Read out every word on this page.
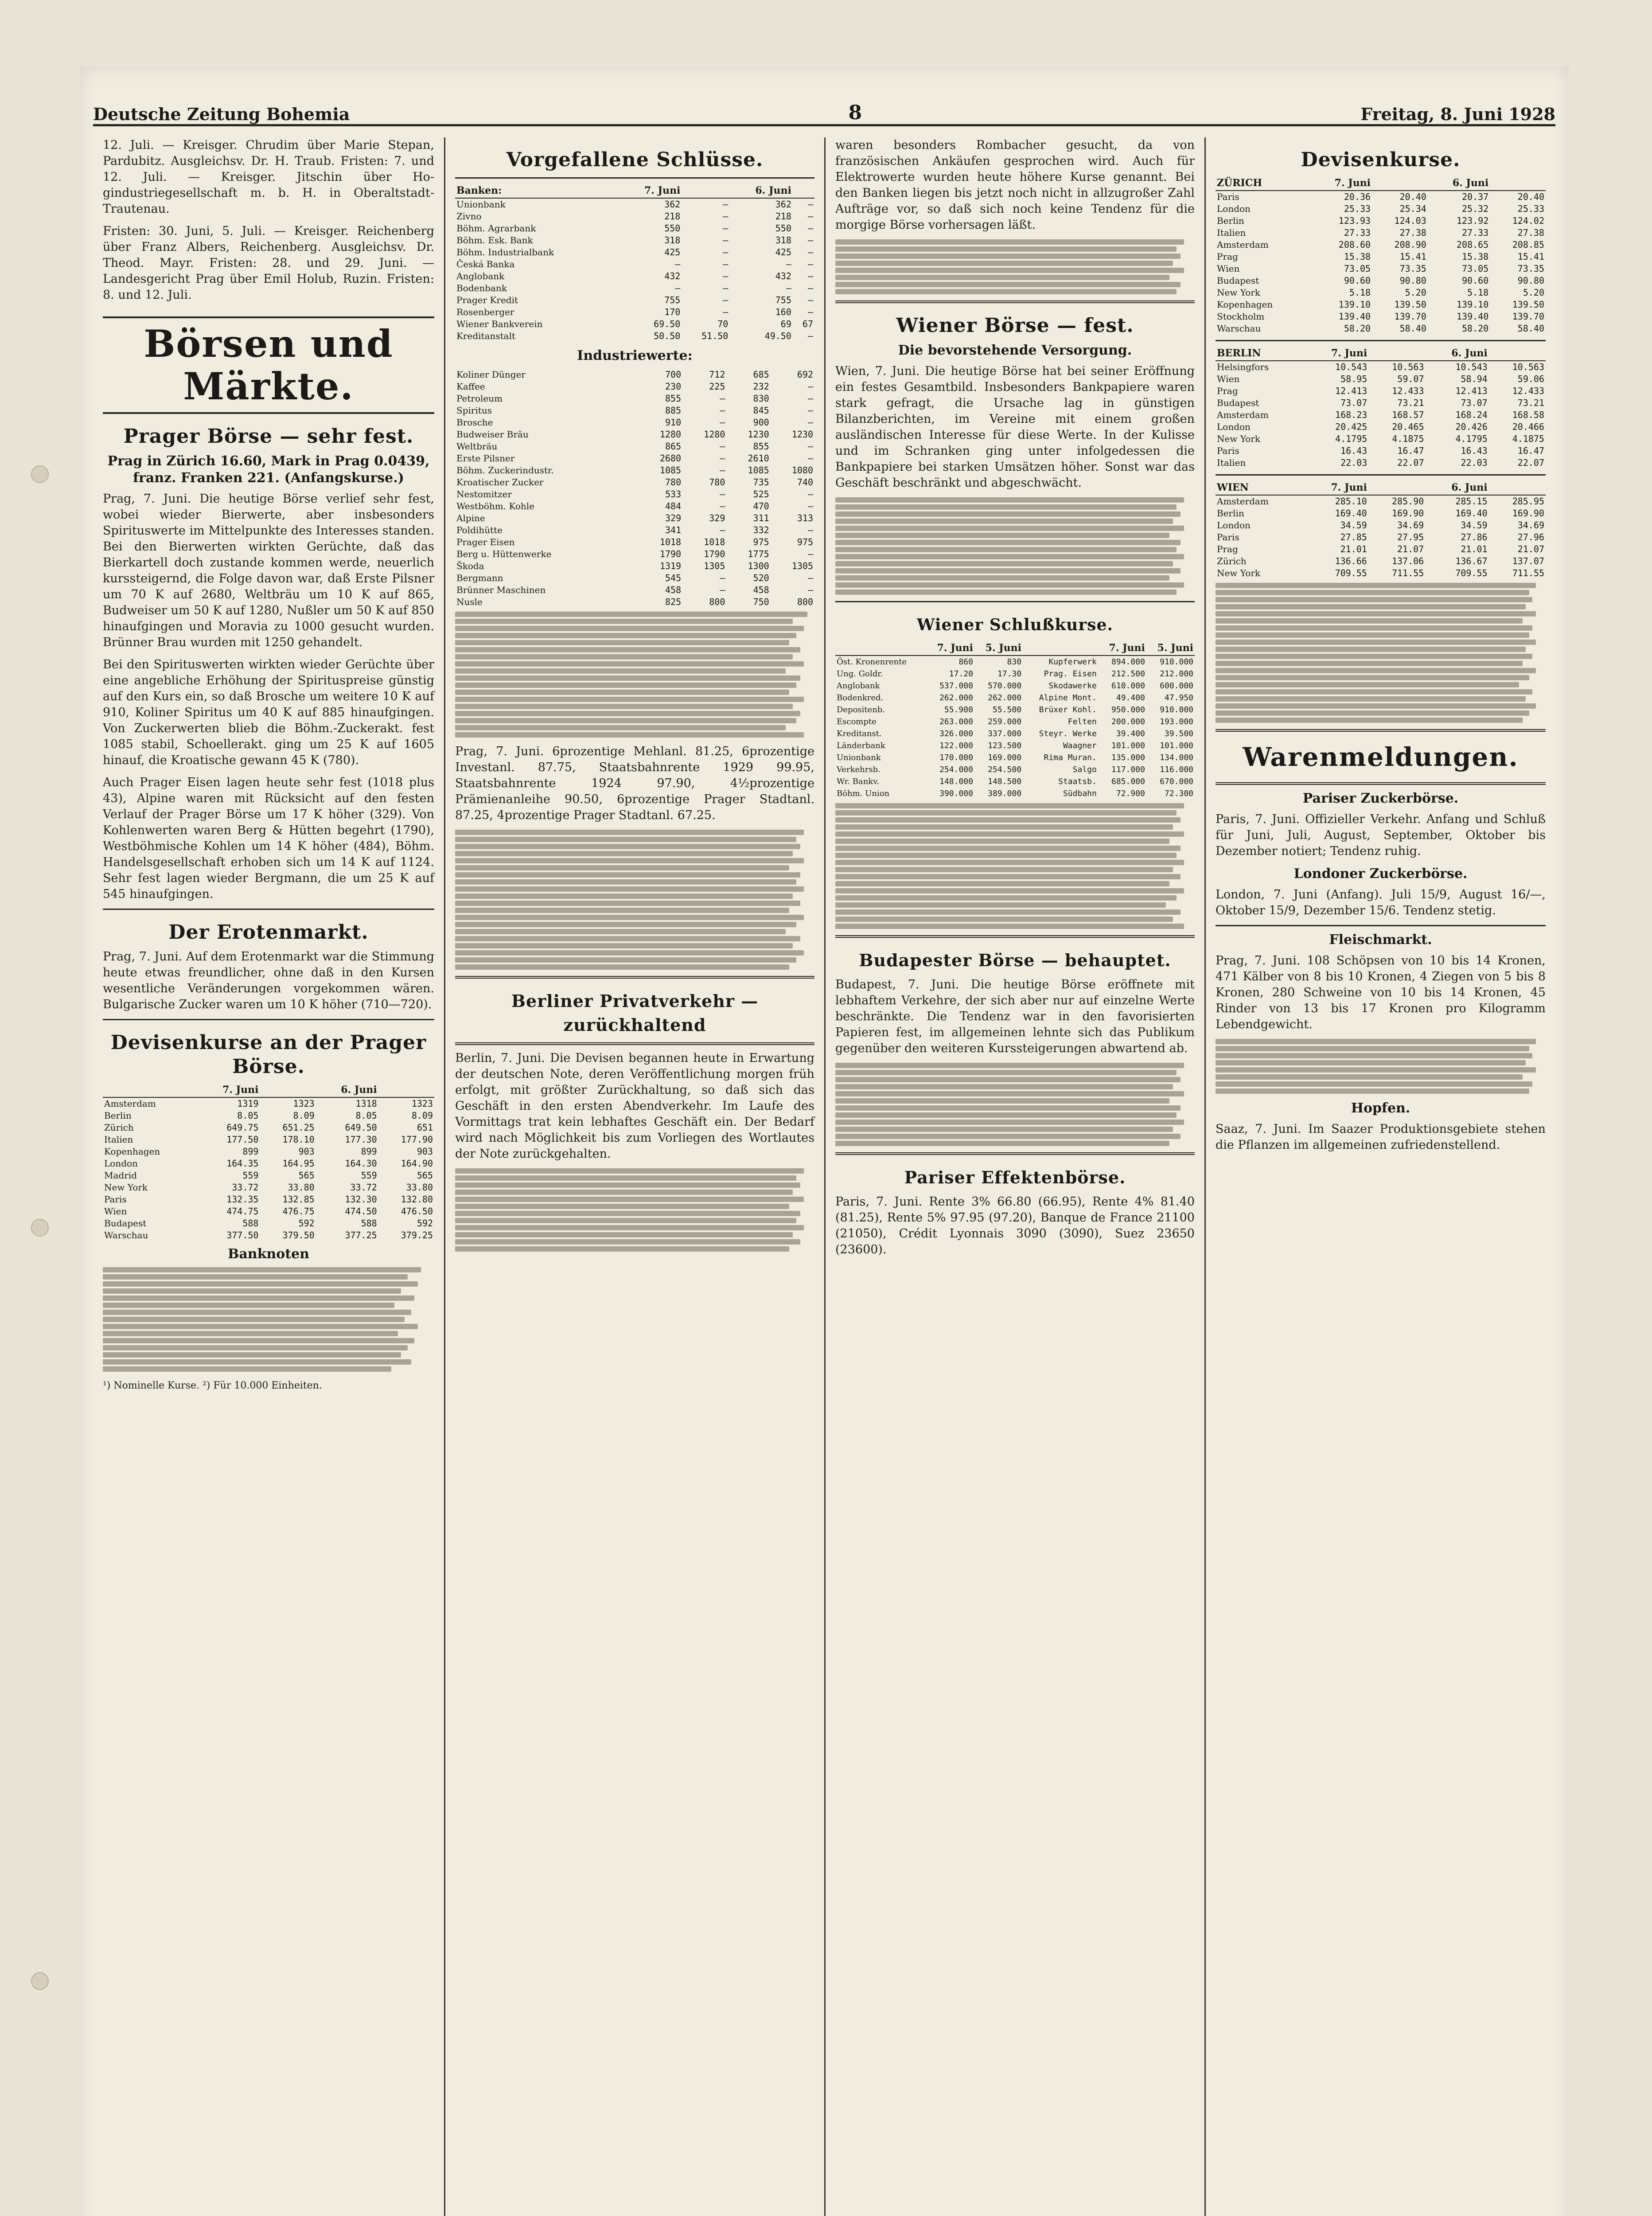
Deutsche Zeitung Bohemia	8	Freitag, 8. Juni 1928

12. Juli. — Kreisger. Chrudim über Marie Stepan, Pardubitz. Ausgleichsv. Dr. H. Traub. Fristen: 7. und 12. Juli. — Kreisger. Jitschin über Ho-gindustriegesellschaft m. b. H. in Oberaltstadt-Trautenau.

Fristen: 30. Juni, 5. Juli. — Kreisger. Reichenberg über Franz Albers, Reichenberg. Ausgleichsv. Dr. Theod. Mayr. Fristen: 28. und 29. Juni. — Landesgericht Prag über Emil Holub, Ruzin. Fristen: 8. und 12. Juli.

Börsen und Märkte.
Prager Börse — sehr fest.
Prag in Zürich 16.60, Mark in Prag 0.0439, franz. Franken 221. (Anfangskurse.)

Prag, 7. Juni. Die heutige Börse verlief sehr fest, wobei wieder Bierwerte, aber insbesonders Spirituswerte im Mittelpunkte des Interesses standen. Bei den Bierwerten wirkten Gerüchte, daß das Bierkartell doch zustande kommen werde, neuerlich kurssteigernd, die Folge davon war, daß Erste Pilsner um 70 K auf 2680, Weltbräu um 10 K auf 865, Budweiser um 50 K auf 1280, Nußler um 50 K auf 850 hinaufgingen und Moravia zu 1000 gesucht wurden. Brünner Brau wurden mit 1250 gehandelt.

Bei den Spirituswerten wirkten wieder Gerüchte über eine angebliche Erhöhung der Spirituspreise günstig auf den Kurs ein, so daß Brosche um weitere 10 K auf 910, Koliner Spiritus um 40 K auf 885 hinaufgingen. Von Zuckerwerten blieb die Böhm.-Zuckerakt. fest 1085 stabil, Schoellerakt. ging um 25 K auf 1605 hinauf, die Kroatische gewann 45 K (780).

Auch Prager Eisen lagen heute sehr fest (1018 plus 43), Alpine waren mit Rücksicht auf den festen Verlauf der Prager Börse um 17 K höher (329). Von Kohlenwerten waren Berg & Hütten begehrt (1790), Westböhmische Kohlen um 14 K höher (484), Böhm. Handelsgesellschaft erhoben sich um 14 K auf 1124. Sehr fest lagen wieder Bergmann, die um 25 K auf 545 hinaufgingen.

Der Erotenmarkt.

Prag, 7. Juni. Auf dem Erotenmarkt war die Stimmung heute etwas freundlicher, ohne daß in den Kursen wesentliche Veränderungen vorgekommen wären. Bulgarische Zucker waren um 10 K höher (710—720).

Devisenkurse an der Prager Börse.
	7. Juni		6. Juni	
Amsterdam	1319	1323	1318	1323
Berlin	8.05	8.09	8.05	8.09
Zürich	649.75	651.25	649.50	651
Italien	177.50	178.10	177.30	177.90
Kopenhagen	899	903	899	903
London	164.35	164.95	164.30	164.90
Madrid	559	565	559	565
New York	33.72	33.80	33.72	33.80
Paris	132.35	132.85	132.30	132.80
Wien	474.75	476.75	474.50	476.50
Budapest	588	592	588	592
Warschau	377.50	379.50	377.25	379.25
Banknoten

¹) Nominelle Kurse. ²) Für 10.000 Einheiten.

Vorgefallene Schlüsse.
Banken:	7. Juni		6. Juni	
Unionbank	362	—	362	—
Zivno	218	—	218	—
Böhm. Agrarbank	550	—	550	—
Böhm. Esk. Bank	318	—	318	—
Böhm. Industrialbank	425	—	425	—
Česká Banka	—	—	—	—
Anglobank	432	—	432	—
Bodenbank	—	—	—	—
Prager Kredit	755	—	755	—
Rosenberger	170	—	160	—
Wiener Bankverein	69.50	70	69	67
Kreditanstalt	50.50	51.50	49.50	—
Industriewerte:
Koliner Dünger	700	712	685	692
Kaffee	230	225	232	—
Petroleum	855	—	830	—
Spiritus	885	—	845	—
Brosche	910	—	900	—
Budweiser Bräu	1280	1280	1230	1230
Weltbräu	865	—	855	—
Erste Pilsner	2680	—	2610	—
Böhm. Zuckerindustr.	1085	—	1085	1080
Kroatischer Zucker	780	780	735	740
Nestomitzer	533	—	525	—
Westböhm. Kohle	484	—	470	—
Alpine	329	329	311	313
Poldihütte	341	—	332	—
Prager Eisen	1018	1018	975	975
Berg u. Hüttenwerke	1790	1790	1775	—
Škoda	1319	1305	1300	1305
Bergmann	545	—	520	—
Brünner Maschinen	458	—	458	—
Nusle	825	800	750	800

Prag, 7. Juni. 6prozentige Mehlanl. 81.25, 6prozentige Investanl. 87.75, Staatsbahnrente 1929 99.95, Staatsbahnrente 1924 97.90, 4½prozentige Prämienanleihe 90.50, 6prozentige Prager Stadtanl. 87.25, 4prozentige Prager Stadtanl. 67.25.

Berliner Privatverkehr — zurückhaltend

Berlin, 7. Juni. Die Devisen begannen heute in Erwartung der deutschen Note, deren Veröffentlichung morgen früh erfolgt, mit größter Zurückhaltung, so daß sich das Geschäft in den ersten Abendverkehr. Im Laufe des Vormittags trat kein lebhaftes Geschäft ein. Der Bedarf wird nach Möglichkeit bis zum Vorliegen des Wortlautes der Note zurückgehalten.

waren besonders Rombacher gesucht, da von französischen Ankäufen gesprochen wird. Auch für Elektrowerte wurden heute höhere Kurse genannt. Bei den Banken liegen bis jetzt noch nicht in allzugroßer Zahl Aufträge vor, so daß sich noch keine Tendenz für die morgige Börse vorhersagen läßt.

Wiener Börse — fest.
Die bevorstehende Versorgung.

Wien, 7. Juni. Die heutige Börse hat bei seiner Eröffnung ein festes Gesamtbild. Insbesonders Bankpapiere waren stark gefragt, die Ursache lag in günstigen Bilanzberichten, im Vereine mit einem großen ausländischen Interesse für diese Werte. In der Kulisse und im Schranken ging unter infolgedessen die Bankpapiere bei starken Umsätzen höher. Sonst war das Geschäft beschränkt und abgeschwächt.

Wiener Schlußkurse.
	7. Juni	5. Juni		7. Juni	5. Juni
Öst. Kronenrente	860	830	Kupferwerk	894.000	910.000
Ung. Goldr.	17.20	17.30	Prag. Eisen	212.500	212.000
Anglobank	537.000	570.000	Skodawerke	610.000	600.000
Bodenkred.	262.000	262.000	Alpine Mont.	49.400	47.950
Depositenb.	55.900	55.500	Brüxer Kohl.	950.000	910.000
Escompte	263.000	259.000	Felten	200.000	193.000
Kreditanst.	326.000	337.000	Steyr. Werke	39.400	39.500
Länderbank	122.000	123.500	Waagner	101.000	101.000
Unionbank	170.000	169.000	Rima Muran.	135.000	134.000
Verkehrsb.	254.000	254.500	Salgo	117.000	116.000
Wr. Bankv.	148.000	148.500	Staatsb.	685.000	670.000
Böhm. Union	390.000	389.000	Südbahn	72.900	72.300
Budapester Börse — behauptet.

Budapest, 7. Juni. Die heutige Börse eröffnete mit lebhaftem Verkehre, der sich aber nur auf einzelne Werte beschränkte. Die Tendenz war in den favorisierten Papieren fest, im allgemeinen lehnte sich das Publikum gegenüber den weiteren Kurssteigerungen abwartend ab.

Pariser Effektenbörse.

Paris, 7. Juni. Rente 3% 66.80 (66.95), Rente 4% 81.40 (81.25), Rente 5% 97.95 (97.20), Banque de France 21100 (21050), Crédit Lyonnais 3090 (3090), Suez 23650 (23600).

Devisenkurse.
ZÜRICH	7. Juni		6. Juni	
Paris	20.36	20.40	20.37	20.40
London	25.33	25.34	25.32	25.33
Berlin	123.93	124.03	123.92	124.02
Italien	27.33	27.38	27.33	27.38
Amsterdam	208.60	208.90	208.65	208.85
Prag	15.38	15.41	15.38	15.41
Wien	73.05	73.35	73.05	73.35
Budapest	90.60	90.80	90.60	90.80
New York	5.18	5.20	5.18	5.20
Kopenhagen	139.10	139.50	139.10	139.50
Stockholm	139.40	139.70	139.40	139.70
Warschau	58.20	58.40	58.20	58.40
BERLIN	7. Juni		6. Juni	
Helsingfors	10.543	10.563	10.543	10.563
Wien	58.95	59.07	58.94	59.06
Prag	12.413	12.433	12.413	12.433
Budapest	73.07	73.21	73.07	73.21
Amsterdam	168.23	168.57	168.24	168.58
London	20.425	20.465	20.426	20.466
New York	4.1795	4.1875	4.1795	4.1875
Paris	16.43	16.47	16.43	16.47
Italien	22.03	22.07	22.03	22.07
WIEN	7. Juni		6. Juni	
Amsterdam	285.10	285.90	285.15	285.95
Berlin	169.40	169.90	169.40	169.90
London	34.59	34.69	34.59	34.69
Paris	27.85	27.95	27.86	27.96
Prag	21.01	21.07	21.01	21.07
Zürich	136.66	137.06	136.67	137.07
New York	709.55	711.55	709.55	711.55
Warenmeldungen.
Pariser Zuckerbörse.

Paris, 7. Juni. Offizieller Verkehr. Anfang und Schluß für Juni, Juli, August, September, Oktober bis Dezember notiert; Tendenz ruhig.

Londoner Zuckerbörse.

London, 7. Juni (Anfang). Juli 15/9, August 16/—, Oktober 15/9, Dezember 15/6. Tendenz stetig.

Fleischmarkt.

Prag, 7. Juni. 108 Schöpsen von 10 bis 14 Kronen, 471 Kälber von 8 bis 10 Kronen, 4 Ziegen von 5 bis 8 Kronen, 280 Schweine von 10 bis 14 Kronen, 45 Rinder von 13 bis 17 Kronen pro Kilogramm Lebendgewicht.

Hopfen.

Saaz, 7. Juni. Im Saazer Produktionsgebiete stehen die Pflanzen im allgemeinen zufriedenstellend.
